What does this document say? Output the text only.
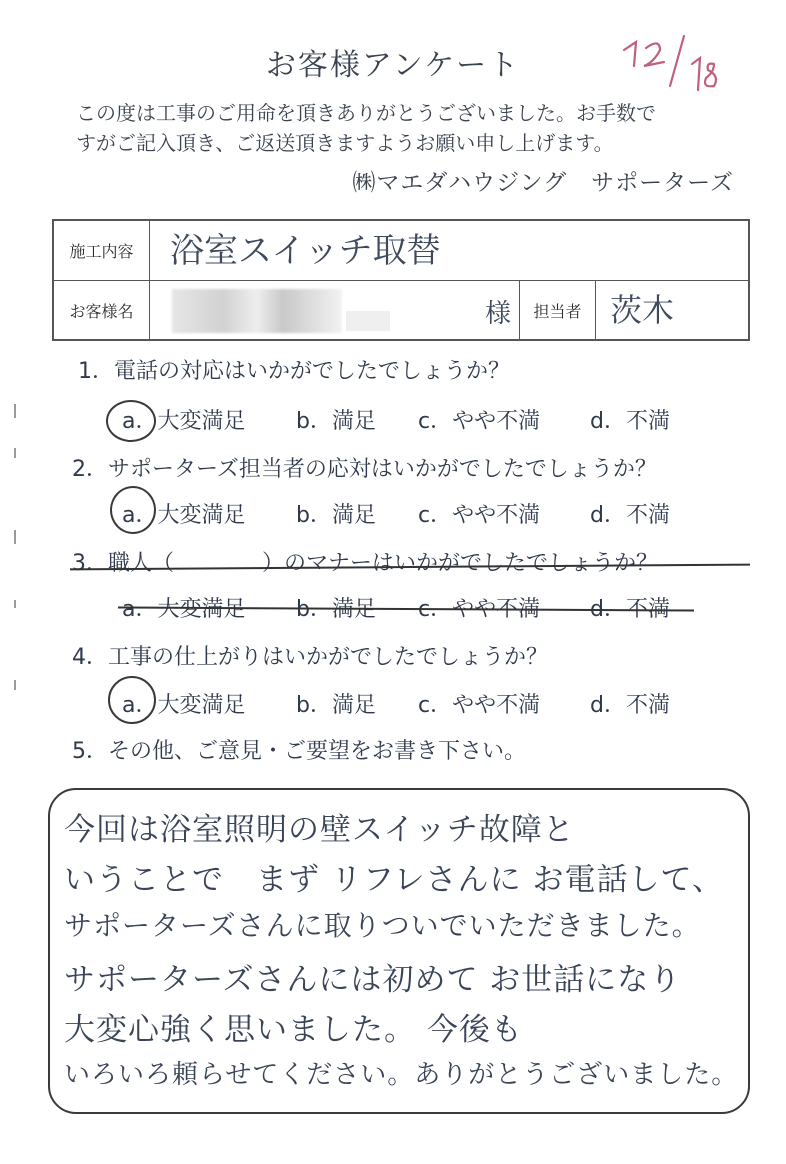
お客様アンケート
12/18
この度は工事のご用命を頂きありがとうございました。お手数で
すがご記入頂き、ご返送頂きますようお願い申し上げます。
㈱マエダハウジング　サポーターズ
施工内容	浴室スイッチ取替
お客様名	様 担当者 茨木
1．電話の対応はいかがでしたでしょうか？
a．大変満足 b．満足 c．やや不満 d．不満
2．サポーターズ担当者の応対はいかがでしたでしょうか？
a．大変満足 b．満足 c．やや不満 d．不満
3．職人（　　　　）のマナーはいかがでしたでしょうか？
a．大変満足 b．満足 c．やや不満 d．不満
4．工事の仕上がりはいかがでしたでしょうか？
a．大変満足 b．満足 c．やや不満 d．不満
5．その他、ご意見・ご要望をお書き下さい。
今回は浴室照明の壁スイッチ故障と
いうことで　まず リフレさんに お電話して、
サポーターズさんに取りついでいただきました。
サポーターズさんには初めて お世話になり
大変心強く思いました。 今後も
いろいろ頼らせてください。ありがとうございました。
